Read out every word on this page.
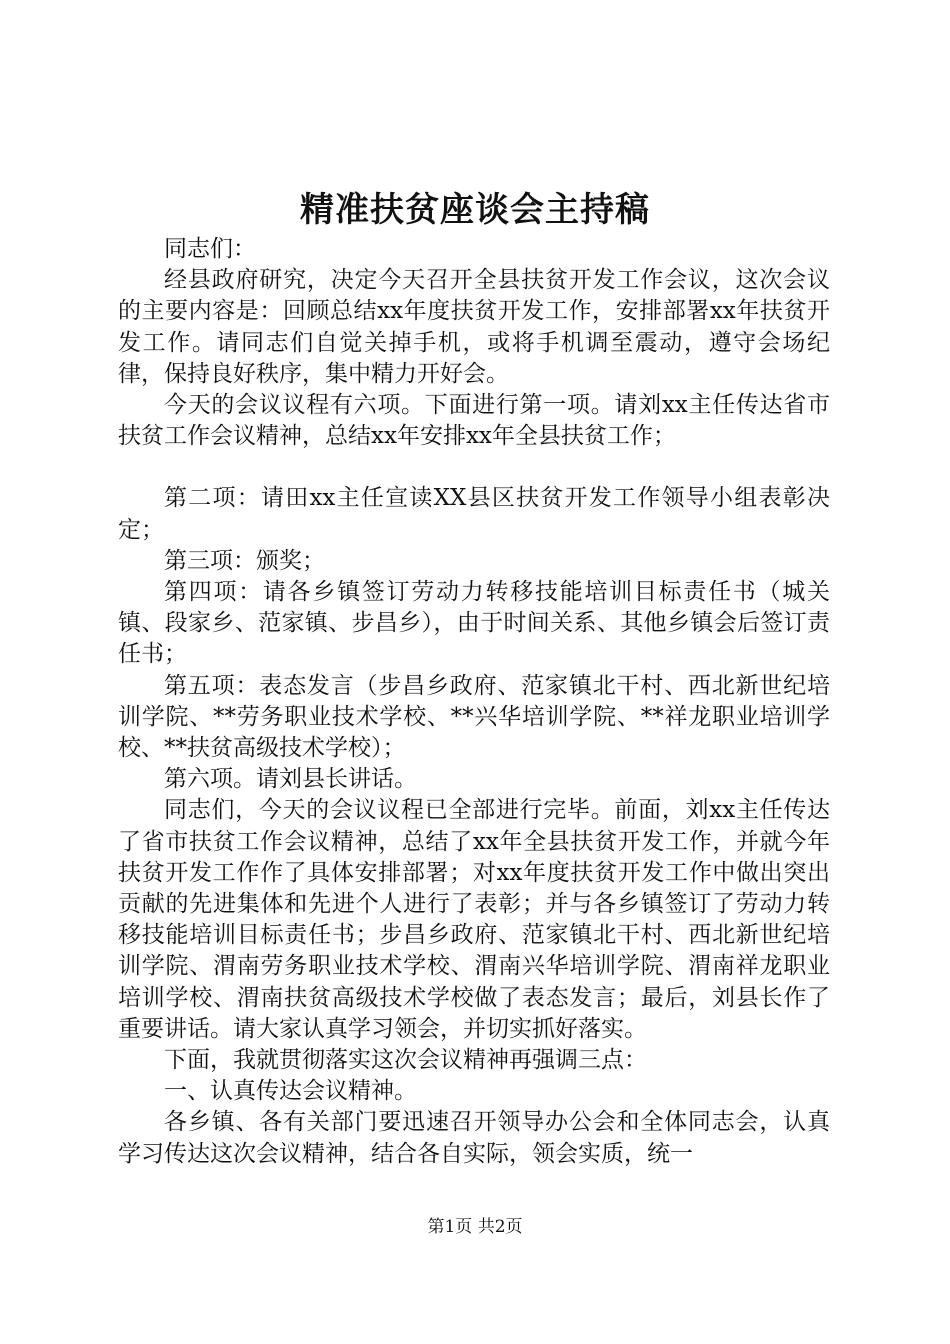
精准扶贫座谈会主持稿

同志们：

经县政府研究，决定今天召开全县扶贫开发工作会议，这次会议的主要内容是：回顾总结xx年度扶贫开发工作，安排部署xx年扶贫开发工作。请同志们自觉关掉手机，或将手机调至震动，遵守会场纪律，保持良好秩序，集中精力开好会。

今天的会议议程有六项。下面进行第一项。请刘xx主任传达省市扶贫工作会议精神，总结xx年安排xx年全县扶贫工作；

第二项：请田xx主任宣读XX县区扶贫开发工作领导小组表彰决定；

第三项：颁奖；

第四项：请各乡镇签订劳动力转移技能培训目标责任书（城关镇、段家乡、范家镇、步昌乡），由于时间关系、其他乡镇会后签订责任书；

第五项：表态发言（步昌乡政府、范家镇北干村、西北新世纪培训学院、**劳务职业技术学校、**兴华培训学院、**祥龙职业培训学校、**扶贫高级技术学校）；

第六项。请刘县长讲话。

同志们，今天的会议议程已全部进行完毕。前面，刘xx主任传达了省市扶贫工作会议精神，总结了xx年全县扶贫开发工作，并就今年扶贫开发工作作了具体安排部署；对xx年度扶贫开发工作中做出突出贡献的先进集体和先进个人进行了表彰；并与各乡镇签订了劳动力转移技能培训目标责任书；步昌乡政府、范家镇北干村、西北新世纪培训学院、渭南劳务职业技术学校、渭南兴华培训学院、渭南祥龙职业培训学校、渭南扶贫高级技术学校做了表态发言；最后，刘县长作了重要讲话。请大家认真学习领会，并切实抓好落实。

下面，我就贯彻落实这次会议精神再强调三点：

一、认真传达会议精神。

各乡镇、各有关部门要迅速召开领导办公会和全体同志会，认真学习传达这次会议精神，结合各自实际，领会实质，统一

第1页 共2页
